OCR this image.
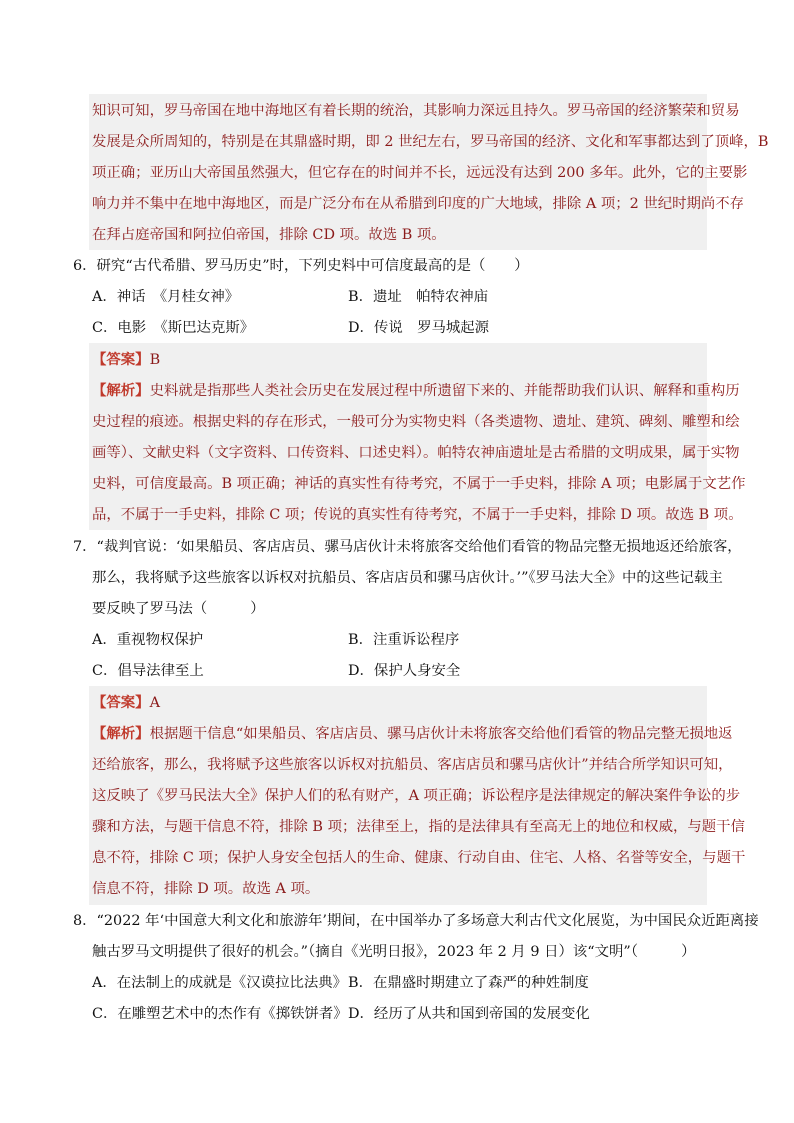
知识可知，罗马帝国在地中海地区有着长期的统治，其影响力深远且持久。罗马帝国的经济繁荣和贸易
发展是众所周知的，特别是在其鼎盛时期，即 2 世纪左右，罗马帝国的经济、文化和军事都达到了顶峰，B
项正确；亚历山大帝国虽然强大，但它存在的时间并不长，远远没有达到 200 多年。此外，它的主要影
响力并不集中在地中海地区，而是广泛分布在从希腊到印度的广大地域，排除 A 项；2 世纪时期尚不存
在拜占庭帝国和阿拉伯帝国，排除 CD 项。故选 B 项。
6．研究“古代希腊、罗马历史”时，下列史料中可信度最高的是（　　）
A．神话　《月桂女神》	B．遗址　帕特农神庙
C．电影　《斯巴达克斯》	D．传说　罗马城起源
【答案】B
【解析】史料就是指那些人类社会历史在发展过程中所遗留下来的、并能帮助我们认识、解释和重构历
史过程的痕迹。根据史料的存在形式，一般可分为实物史料（各类遗物、遗址、建筑、碑刻、雕塑和绘
画等）、文献史料（文字资料、口传资料、口述史料）。帕特农神庙遗址是古希腊的文明成果，属于实物
史料，可信度最高。B 项正确；神话的真实性有待考究，不属于一手史料，排除 A 项；电影属于文艺作
品，不属于一手史料，排除 C 项；传说的真实性有待考究，不属于一手史料，排除 D 项。故选 B 项。
7．“裁判官说：‘如果船员、客店店员、骡马店伙计未将旅客交给他们看管的物品完整无损地返还给旅客，
那么，我将赋予这些旅客以诉权对抗船员、客店店员和骡马店伙计。’”《罗马法大全》中的这些记载主
要反映了罗马法（　　　）
A．重视物权保护	B．注重诉讼程序
C．倡导法律至上	D．保护人身安全
【答案】A
【解析】根据题干信息“如果船员、客店店员、骡马店伙计未将旅客交给他们看管的物品完整无损地返
还给旅客，那么，我将赋予这些旅客以诉权对抗船员、客店店员和骡马店伙计”并结合所学知识可知，
这反映了《罗马民法大全》保护人们的私有财产，A 项正确；诉讼程序是法律规定的解决案件争讼的步
骤和方法，与题干信息不符，排除 B 项；法律至上，指的是法律具有至高无上的地位和权威，与题干信
息不符，排除 C 项；保护人身安全包括人的生命、健康、行动自由、住宅、人格、名誉等安全，与题干
信息不符，排除 D 项。故选 A 项。
8．“2022 年‘中国意大利文化和旅游年’期间，在中国举办了多场意大利古代文化展览，为中国民众近距离接
触古罗马文明提供了很好的机会。”（摘自《光明日报》，2023 年 2 月 9 日）该“文明”（　　　）
A．在法制上的成就是《汉谟拉比法典》 B．在鼎盛时期建立了森严的种姓制度
C．在雕塑艺术中的杰作有《掷铁饼者》 D．经历了从共和国到帝国的发展变化
